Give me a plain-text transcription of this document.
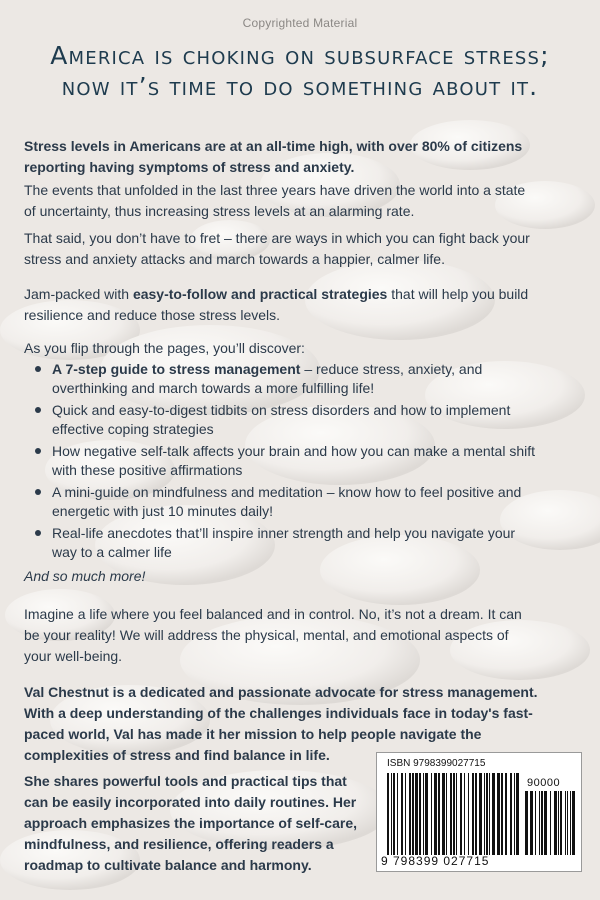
Copyrighted Material
America is choking on subsurface stress;
now it’s time to do something about it.

Stress levels in Americans are at an all-time high, with over 80% of citizens
reporting having symptoms of stress and anxiety.

The events that unfolded in the last three years have driven the world into a state
of uncertainty, thus increasing stress levels at an alarming rate.

That said, you don’t have to fret – there are ways in which you can fight back your
stress and anxiety attacks and march towards a happier, calmer life.

Jam-packed with easy-to-follow and practical strategies that will help you build
resilience and reduce those stress levels.

As you flip through the pages, you’ll discover:

A 7-step guide to stress management – reduce stress, anxiety, and
overthinking and march towards a more fulfilling life!
Quick and easy-to-digest tidbits on stress disorders and how to implement
effective coping strategies
How negative self-talk affects your brain and how you can make a mental shift
with these positive affirmations
A mini-guide on mindfulness and meditation – know how to feel positive and
energetic with just 10 minutes daily!
Real-life anecdotes that’ll inspire inner strength and help you navigate your
way to a calmer life

And so much more!

Imagine a life where you feel balanced and in control. No, it’s not a dream. It can
be your reality! We will address the physical, mental, and emotional aspects of
your well-being.

Val Chestnut is a dedicated and passionate advocate for stress management.
With a deep understanding of the challenges individuals face in today's fast-
paced world, Val has made it her mission to help people navigate the
complexities of stress and find balance in life.

She shares powerful tools and practical tips that
can be easily incorporated into daily routines. Her
approach emphasizes the importance of self-care,
mindfulness, and resilience, offering readers a
roadmap to cultivate balance and harmony.

ISBN 9798399027715
90000
9 798399 027715
